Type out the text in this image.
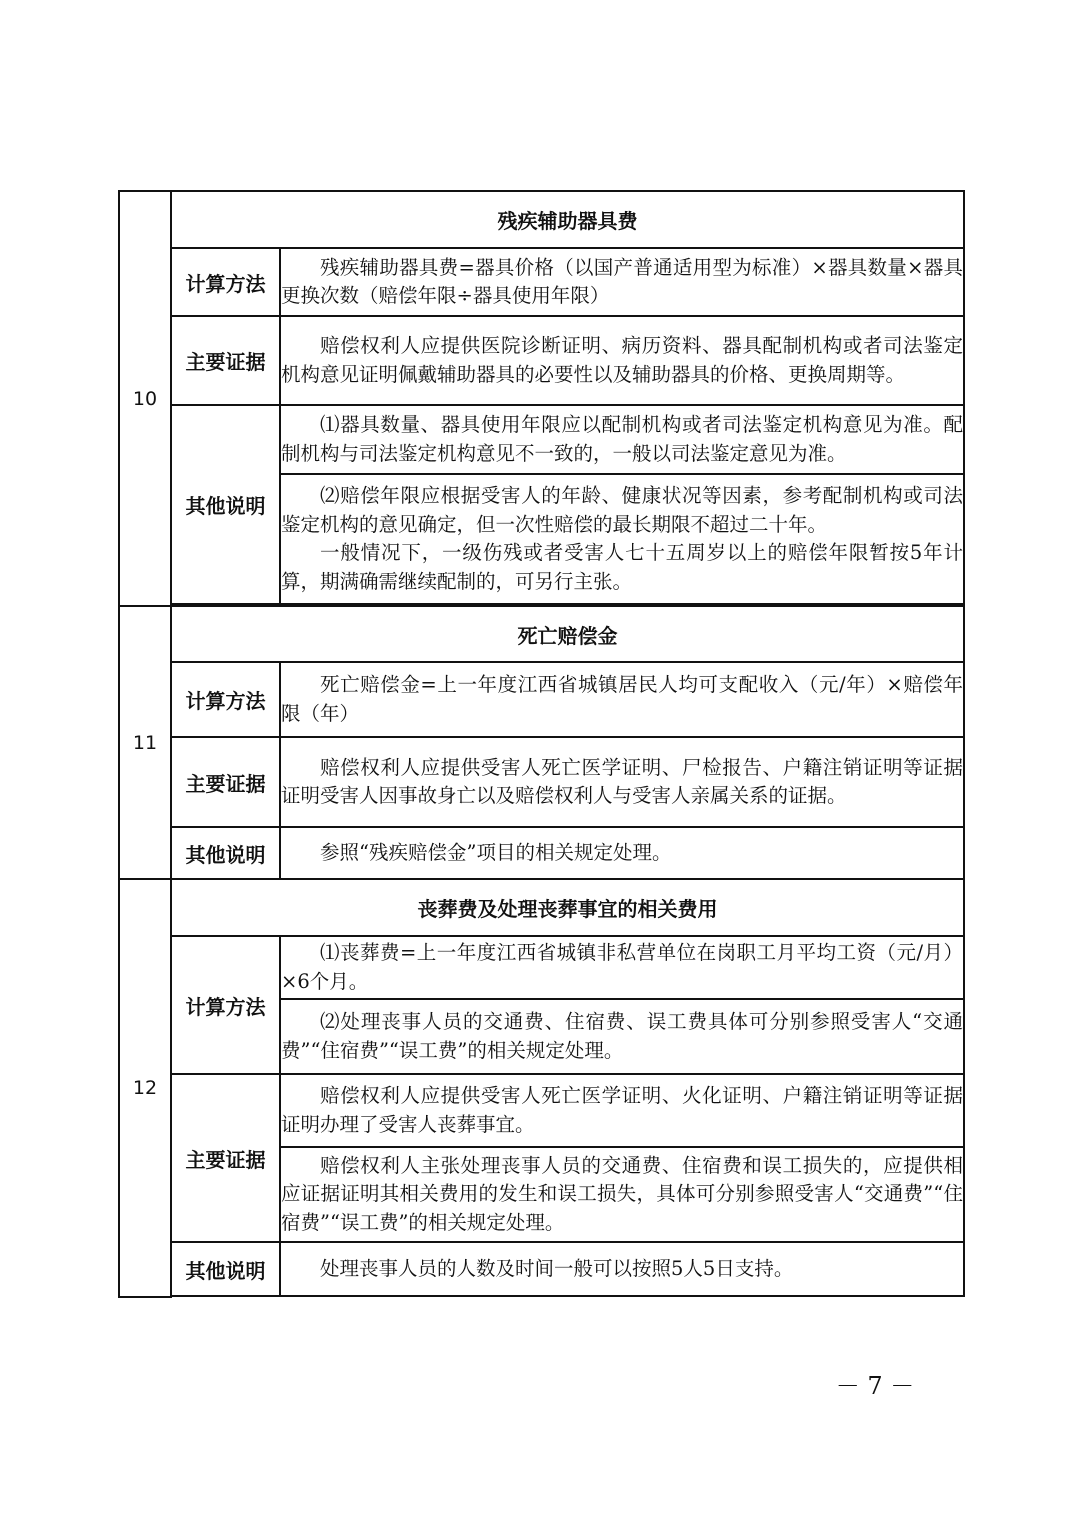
10	残疾辅助器具费	
	计算方法	残疾辅助器具费=器具价格（以国产普通适用型为标准）×器具数量×器具更换次数（赔偿年限÷器具使用年限）

	主要证据	赔偿权利人应提供医院诊断证明、病历资料、器具配制机构或者司法鉴定机构意见证明佩戴辅助器具的必要性以及辅助器具的价格、更换周期等。

	其他说明	⑴器具数量、器具使用年限应以配制机构或者司法鉴定机构意见为准。配制机构与司法鉴定机构意见不一致的，一般以司法鉴定意见为准。

		⑵赔偿年限应根据受害人的年龄、健康状况等因素，参考配制机构或司法鉴定机构的意见确定，但一次性赔偿的最长期限不超过二十年。

一般情况下，一级伤残或者受害人七十五周岁以上的赔偿年限暂按5年计算，期满确需继续配制的，可另行主张。

11	死亡赔偿金	
	计算方法	死亡赔偿金=上一年度江西省城镇居民人均可支配收入（元/年）×赔偿年限（年）

	主要证据	赔偿权利人应提供受害人死亡医学证明、尸检报告、户籍注销证明等证据证明受害人因事故身亡以及赔偿权利人与受害人亲属关系的证据。

	其他说明	参照“残疾赔偿金”项目的相关规定处理。

12	丧葬费及处理丧葬事宜的相关费用	
	计算方法	⑴丧葬费=上一年度江西省城镇非私营单位在岗职工月平均工资（元/月）×6个月。

		⑵处理丧事人员的交通费、住宿费、误工费具体可分别参照受害人“交通费”“住宿费”“误工费”的相关规定处理。

	主要证据	赔偿权利人应提供受害人死亡医学证明、火化证明、户籍注销证明等证据证明办理了受害人丧葬事宜。

		赔偿权利人主张处理丧事人员的交通费、住宿费和误工损失的，应提供相应证据证明其相关费用的发生和误工损失，具体可分别参照受害人“交通费”“住宿费”“误工费”的相关规定处理。

	其他说明	处理丧事人员的人数及时间一般可以按照5人5日支持。

－ 7 －
